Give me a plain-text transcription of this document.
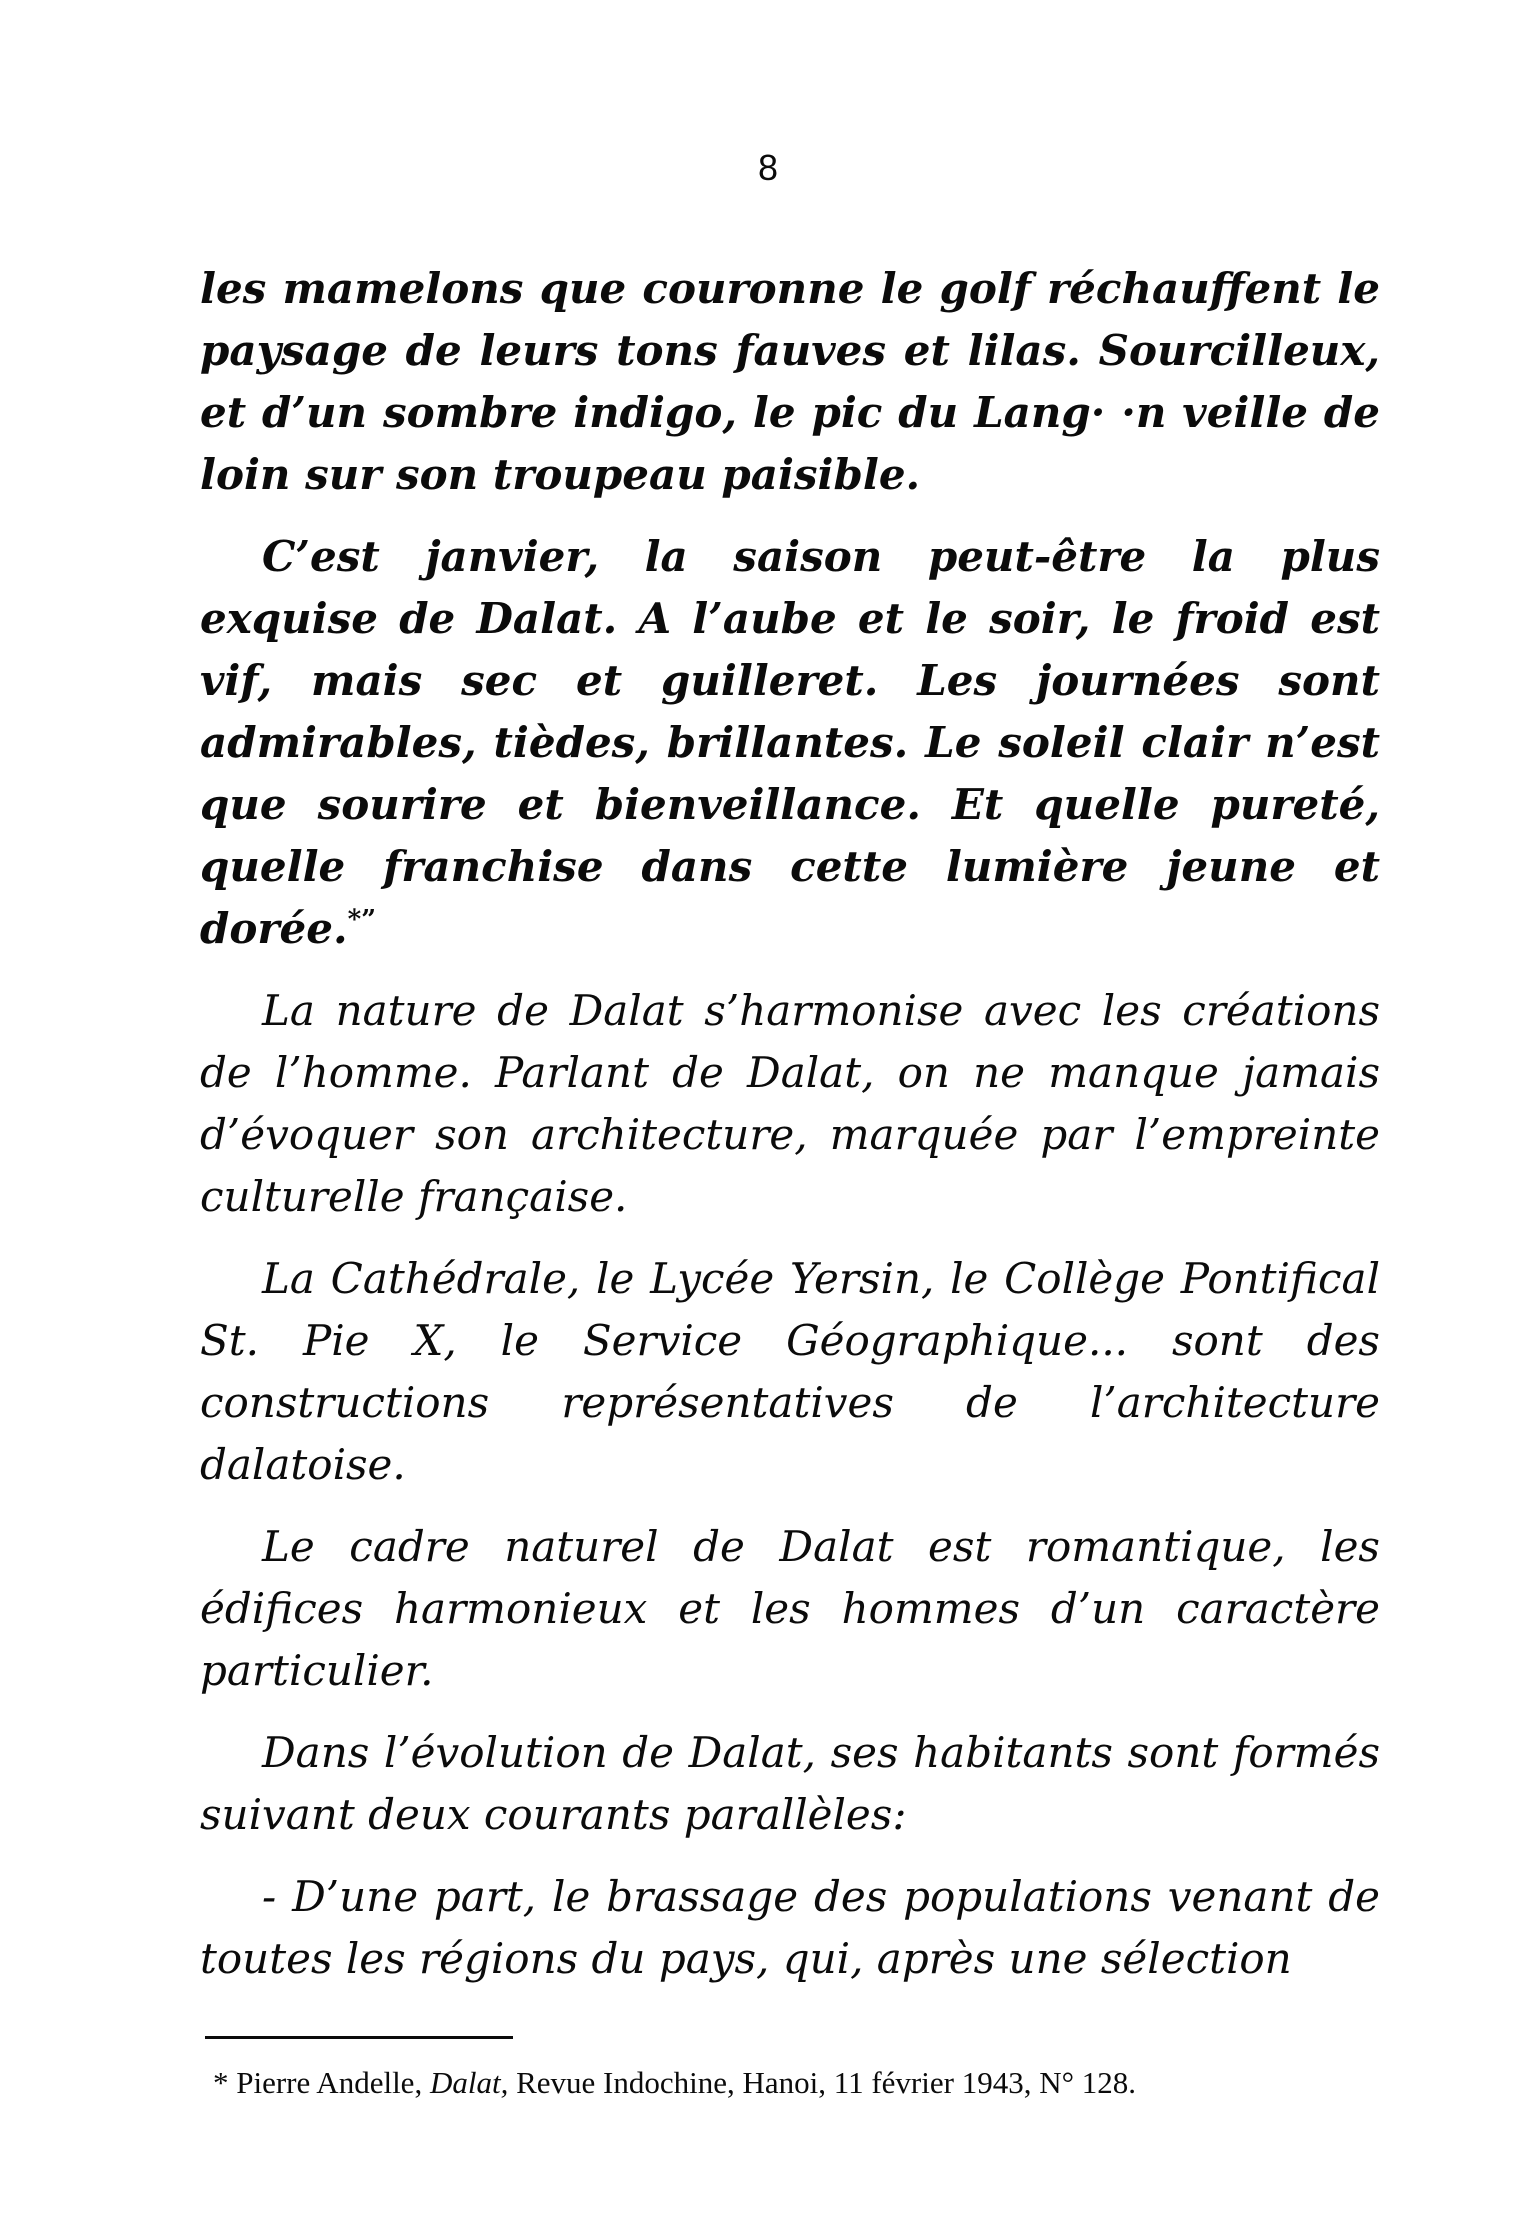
8

les mamelons que couronne le golf réchauffent le paysage de leurs tons fauves et lilas. Sourcilleux, et d’un sombre indigo, le pic du Lang· ·n veille de loin sur son troupeau paisible.

C’est janvier, la saison peut-être la plus exquise de Dalat. A l’aube et le soir, le froid est vif, mais sec et guilleret. Les journées sont admirables, tièdes, brillantes. Le soleil clair n’est que sourire et bienveillance. Et quelle pureté, quelle franchise dans cette lumière jeune et dorée.*”

La nature de Dalat s’harmonise avec les créations de l’homme. Parlant de Dalat, on ne manque jamais d’évoquer son architecture, marquée par l’empreinte culturelle française.

La Cathédrale, le Lycée Yersin, le Collège Pontifical St. Pie X, le Service Géographique... sont des constructions représentatives de l’architecture dalatoise.

Le cadre naturel de Dalat est romantique, les édifices harmonieux et les hommes d’un caractère particulier.

Dans l’évolution de Dalat, ses habitants sont formés suivant deux courants parallèles:

- D’une part, le brassage des populations venant de toutes les régions du pays, qui, après une sélection

* Pierre Andelle, Dalat, Revue Indochine, Hanoi, 11 février 1943, N° 128.
